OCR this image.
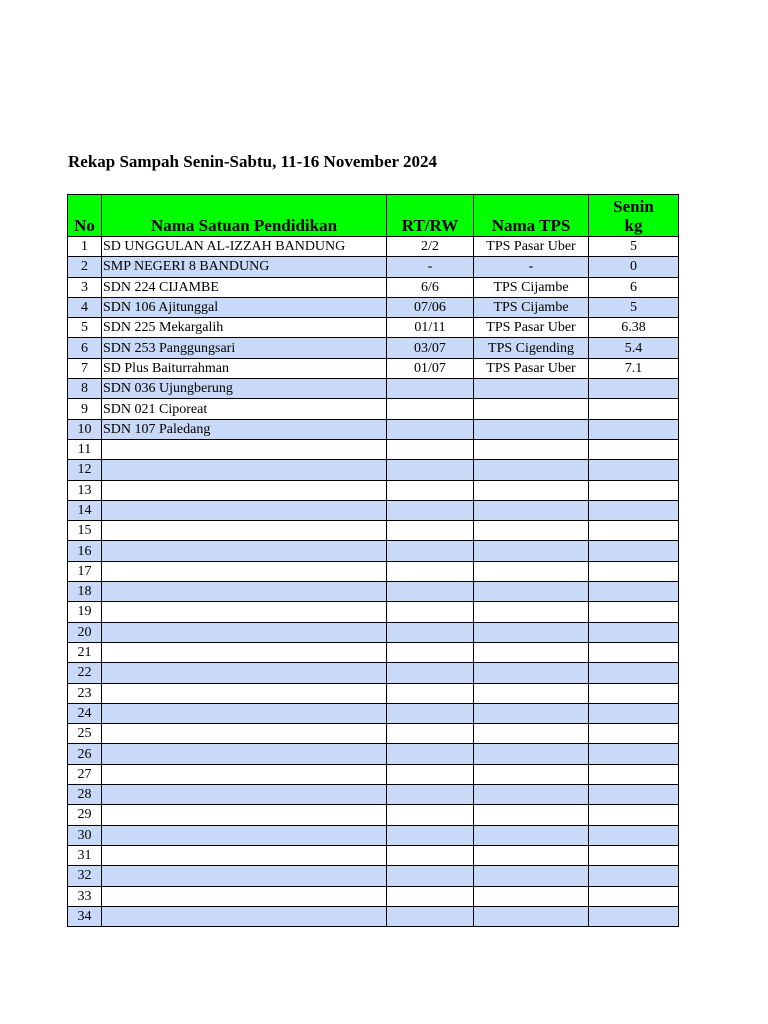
Rekap Sampah Senin-Sabtu, 11-16 November 2024
No	Nama Satuan Pendidikan	RT/RW	Nama TPS	Senin
kg

1	SD UNGGULAN AL-IZZAH BANDUNG	2/2	TPS Pasar Uber	5
2	SMP NEGERI 8 BANDUNG	-	-	0
3	SDN 224 CIJAMBE	6/6	TPS Cijambe	6
4	SDN 106 Ajitunggal	07/06	TPS Cijambe	5
5	SDN 225 Mekargalih	01/11	TPS Pasar Uber	6.38
6	SDN 253 Panggungsari	03/07	TPS Cigending	5.4
7	SD Plus Baiturrahman	01/07	TPS Pasar Uber	7.1
8	SDN 036 Ujungberung			
9	SDN 021 Ciporeat			
10	SDN 107 Paledang			
11				
12				
13				
14				
15				
16				
17				
18				
19				
20				
21				
22				
23				
24				
25				
26				
27				
28				
29				
30				
31				
32				
33				
34				
